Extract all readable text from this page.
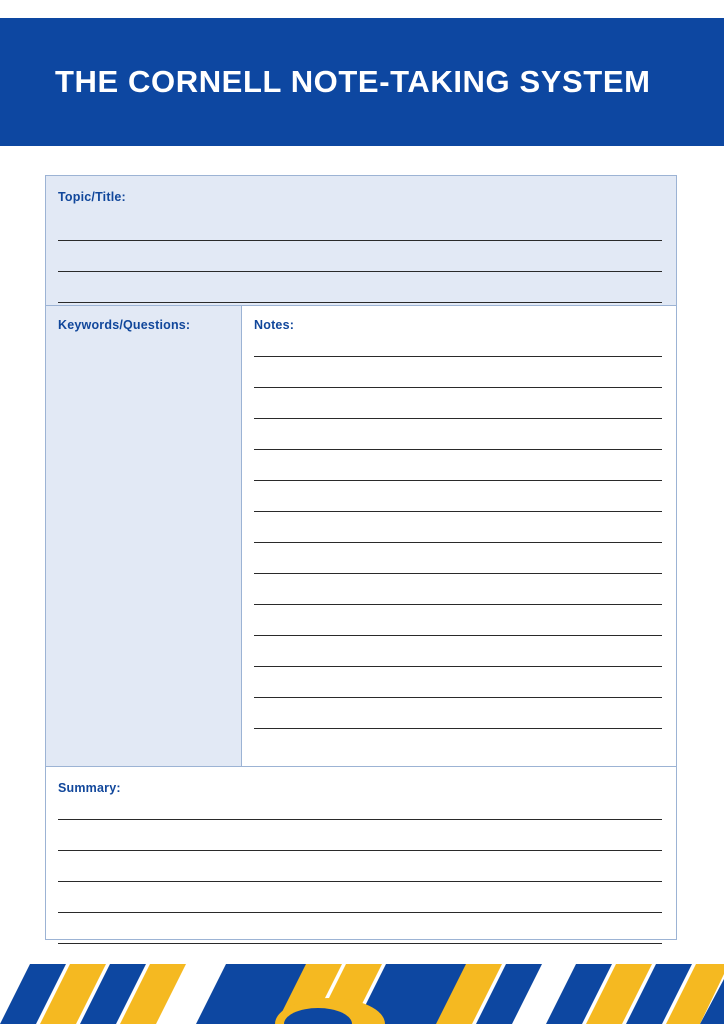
THE CORNELL NOTE-TAKING SYSTEM
Topic/Title:
Keywords/Questions:	Notes:
Summary:
